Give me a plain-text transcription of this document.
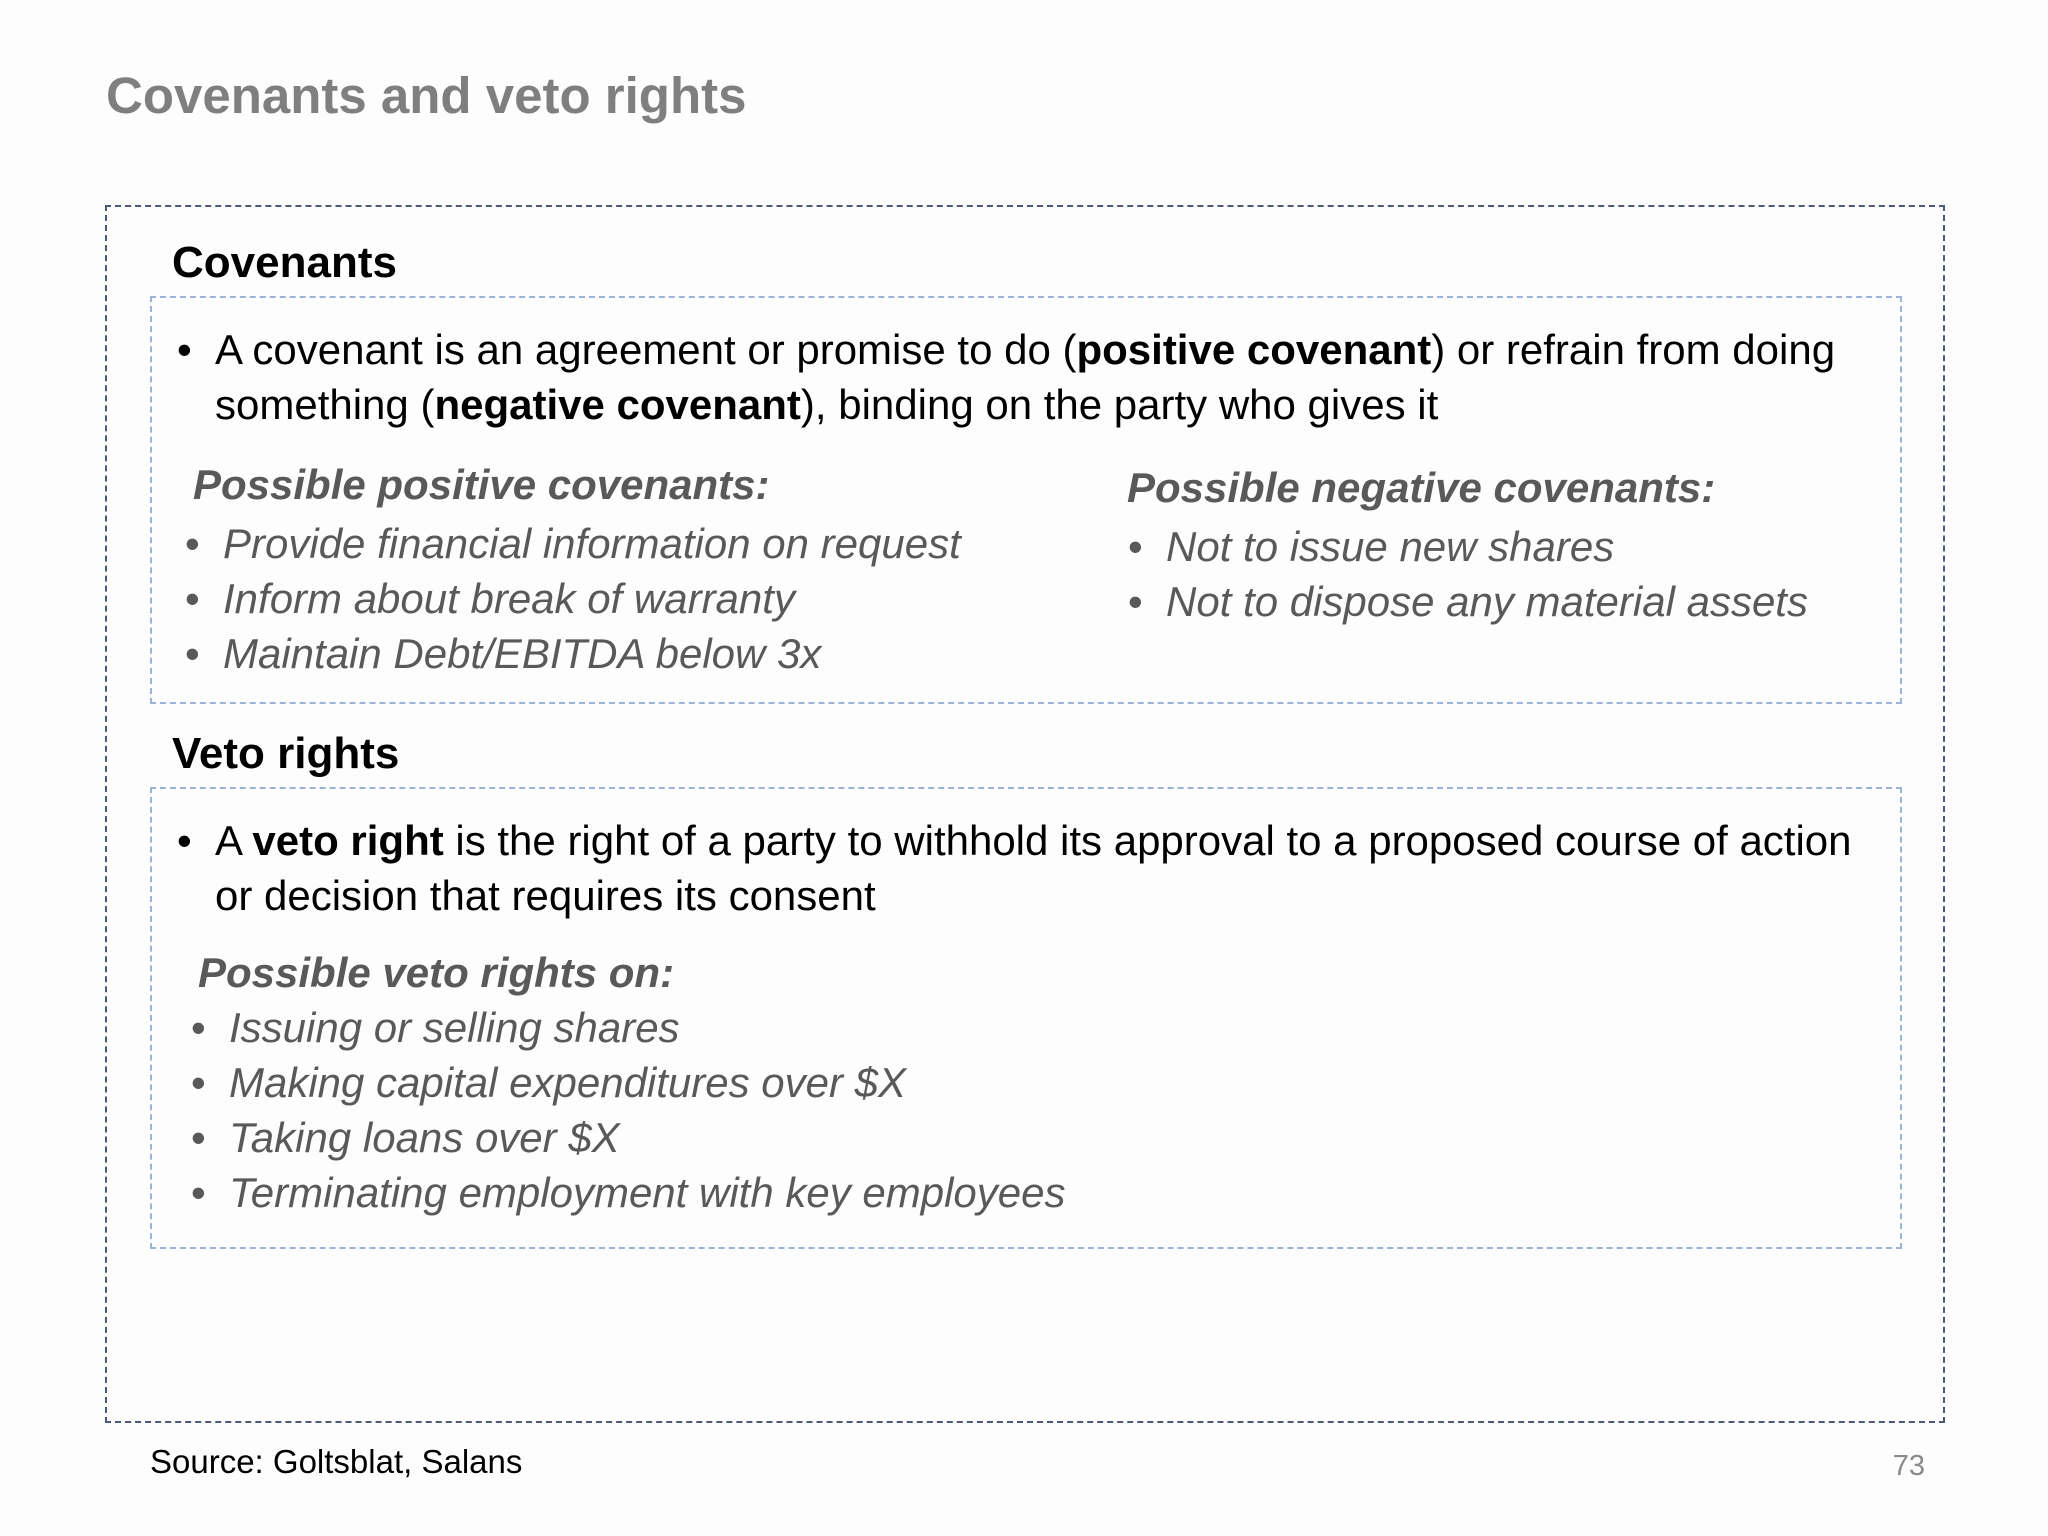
Covenants and veto rights
Covenants
• A covenant is an agreement or promise to do (positive covenant) or refrain from doing something (negative covenant), binding on the party who gives it
Possible positive covenants:
• Provide financial information on request
• Inform about break of warranty
• Maintain Debt/EBITDA below 3x
Possible negative covenants:
• Not to issue new shares
• Not to dispose any material assets
Veto rights
• A veto right is the right of a party to withhold its approval to a proposed course of action or decision that requires its consent
Possible veto rights on:
• Issuing or selling shares
• Making capital expenditures over $X
• Taking loans over $X
• Terminating employment with key employees
Source: Goltsblat, Salans	73
